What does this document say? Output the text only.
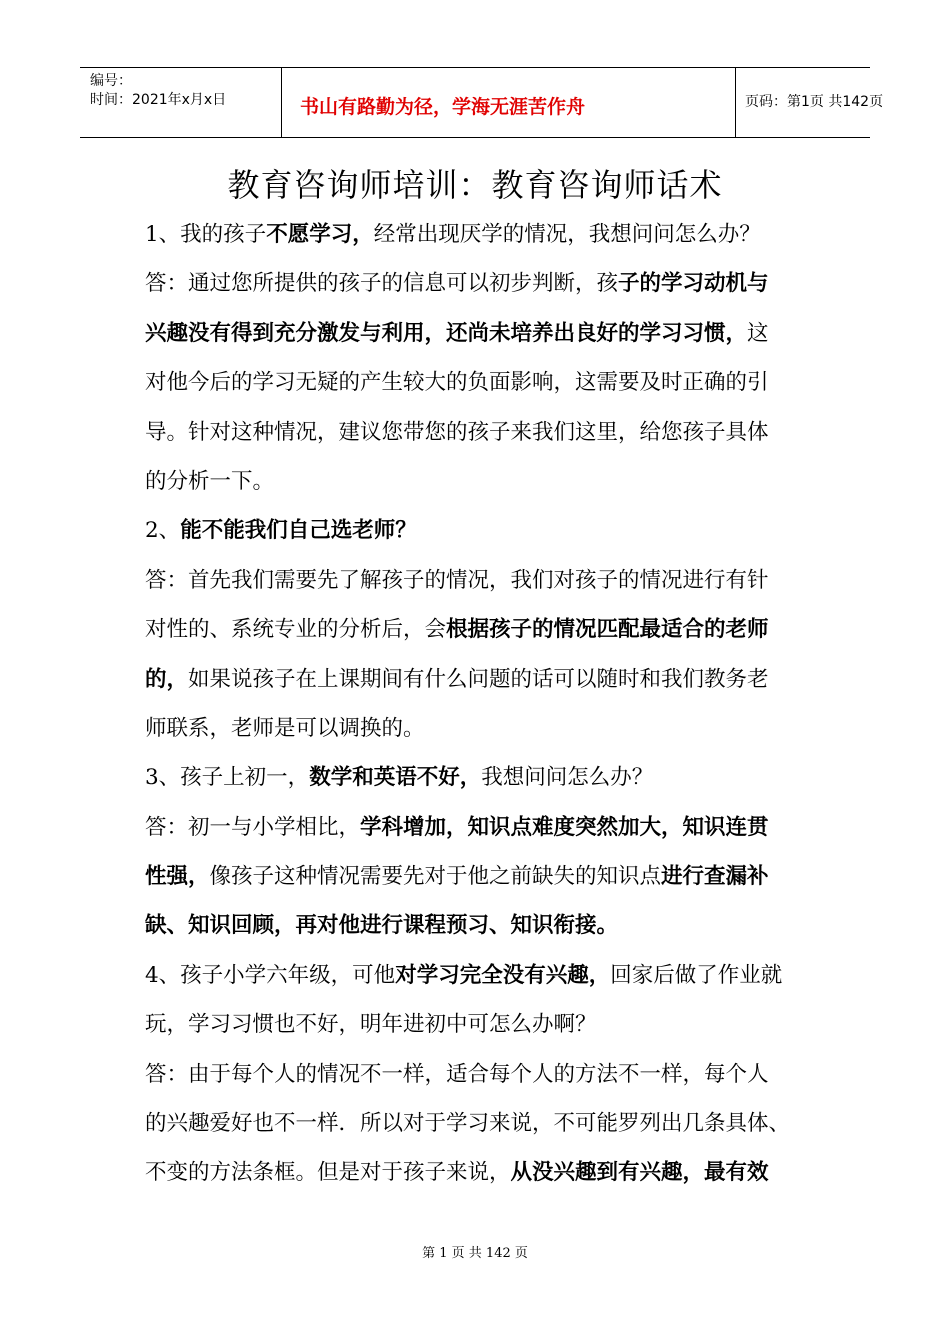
编号：
时间：2021年x月x日	书山有路勤为径，学海无涯苦作舟	页码：第1页 共142页
教育咨询师培训：教育咨询师话术
1、我的孩子不愿学习，经常出现厌学的情况，我想问问怎么办？
答：通过您所提供的孩子的信息可以初步判断，孩子的学习动机与
兴趣没有得到充分激发与利用，还尚未培养出良好的学习习惯，这
对他今后的学习无疑的产生较大的负面影响，这需要及时正确的引
导。针对这种情况，建议您带您的孩子来我们这里，给您孩子具体
的分析一下。
2、能不能我们自己选老师？
答：首先我们需要先了解孩子的情况，我们对孩子的情况进行有针
对性的、系统专业的分析后，会根据孩子的情况匹配最适合的老师
的，如果说孩子在上课期间有什么问题的话可以随时和我们教务老
师联系，老师是可以调换的。
3、孩子上初一，数学和英语不好，我想问问怎么办？
答：初一与小学相比，学科增加，知识点难度突然加大，知识连贯
性强，像孩子这种情况需要先对于他之前缺失的知识点进行查漏补
缺、知识回顾，再对他进行课程预习、知识衔接。
4、孩子小学六年级，可他对学习完全没有兴趣，回家后做了作业就
玩，学习习惯也不好，明年进初中可怎么办啊？
答：由于每个人的情况不一样，适合每个人的方法不一样，每个人
的兴趣爱好也不一样．所以对于学习来说，不可能罗列出几条具体、
不变的方法条框。但是对于孩子来说，从没兴趣到有兴趣，最有效
第 1 页 共 142 页
